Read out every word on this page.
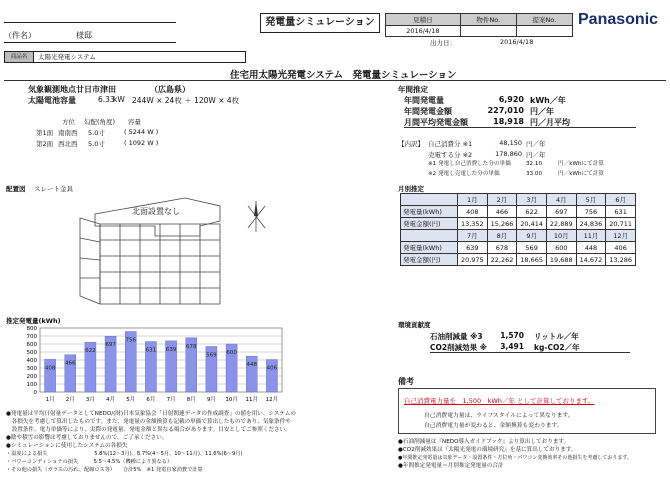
（件名）	様邸
商品名	太陽光発電システム
発電量シミュレーション	見積日	物件No.	提案No.
2016/4/18		
出力日：	2016/4/18
Panasonic
住宅用太陽光発電システム　発電量シミュレーション
気象観測地点廿日市津田	（広島県）
太陽電池容量	6.33
kW 244W × 24枚 ＋ 120W × 4枚
方位 勾配(角度) 容量
第1面 南南西 5.0寸	( 5244 W )
第2面 西北西 5.0寸	( 1092 W )
年間推定
年間発電量	6,920 kWh／年
年間発電金額	227,010 円／年
月間平均発電金額	18,918 円／月平均
【内訳】 自己消費分 ※1	48,150 円／年
売電する分 ※2	178,860 円／年
※1 発電し自己消費した分の単価	32.10	円／kWhにて計算
※2 発電し売電した分の単価	33.00	円／kWhにて計算
配置図 スレート金具
北面設置なし
月別推定
	1月	2月	3月	4月	5月	6月
発電量(kWh)	408	466	622	697	756	631
発電金額(円)	13,352	15,266	20,414	22,889	24,836	20,711
	7月	8月	9月	10月	11月	12月
発電量(kWh)	639	678	569	600	448	406
発電金額(円)	20,975	22,262	18,665	19,688	14,672	13,286
推定発電量(kWh)
0
100
200
300
400
500
600
700
800
408
1月
466
2月
622
3月
697
4月
756
5月
631
6月
639
7月
678
8月
569
9月
600
10月
448
11月
406
12月
環境貢献度
石油削減量 ※3	1,570 リットル／年
CO2削減効果 ※	3,491 kg-CO2／年
備考
自己消費電力量を　1,500　kWh／年 として計算しております。
自己消費電力量は、ライフスタイルによって異なります。
自己消費電力量が変わると、金額換算も変わります。
●石油削減量は『NEDO導入ガイドブック』より算出しております。
●CO2削減効果は『太陽光発電の環境研究』を基に算出しております。
●年間推定発電量は気象データ・設置条件・方位角・パワコン変換効率その他損失を考慮しております。
●年間推定発電量＝月別推定発電量の合計
●発電量は平均日射量データとしてNEDO/(財)日本気象協会「日射関連データの作成調査」の値を用い、システムの
　各損失を考慮して算出したものです。また、発電量の金額換算も記載の単価で算出したものであり、気象条件や
　設置条件、電力単価等により、実際の発電量、発電金額と異なる場合があります。目安としてご参照ください。
●陰や積雪の影響は考慮しておりませんので、ご了承ください。
●シミュレーションに使用したシステムの各損失
・温度による損失　　　　　　　　　5.8%(12～3月)、8.7%(4～5月、10～11月)、11.6%(6～9月)
・パワーコンディショナの損失　　　5.5～4.5%（機種により異なる）
・その他の損失（ガラスの汚れ、配線ロス等）　　合計5%　※1 発電自家消費で計算
